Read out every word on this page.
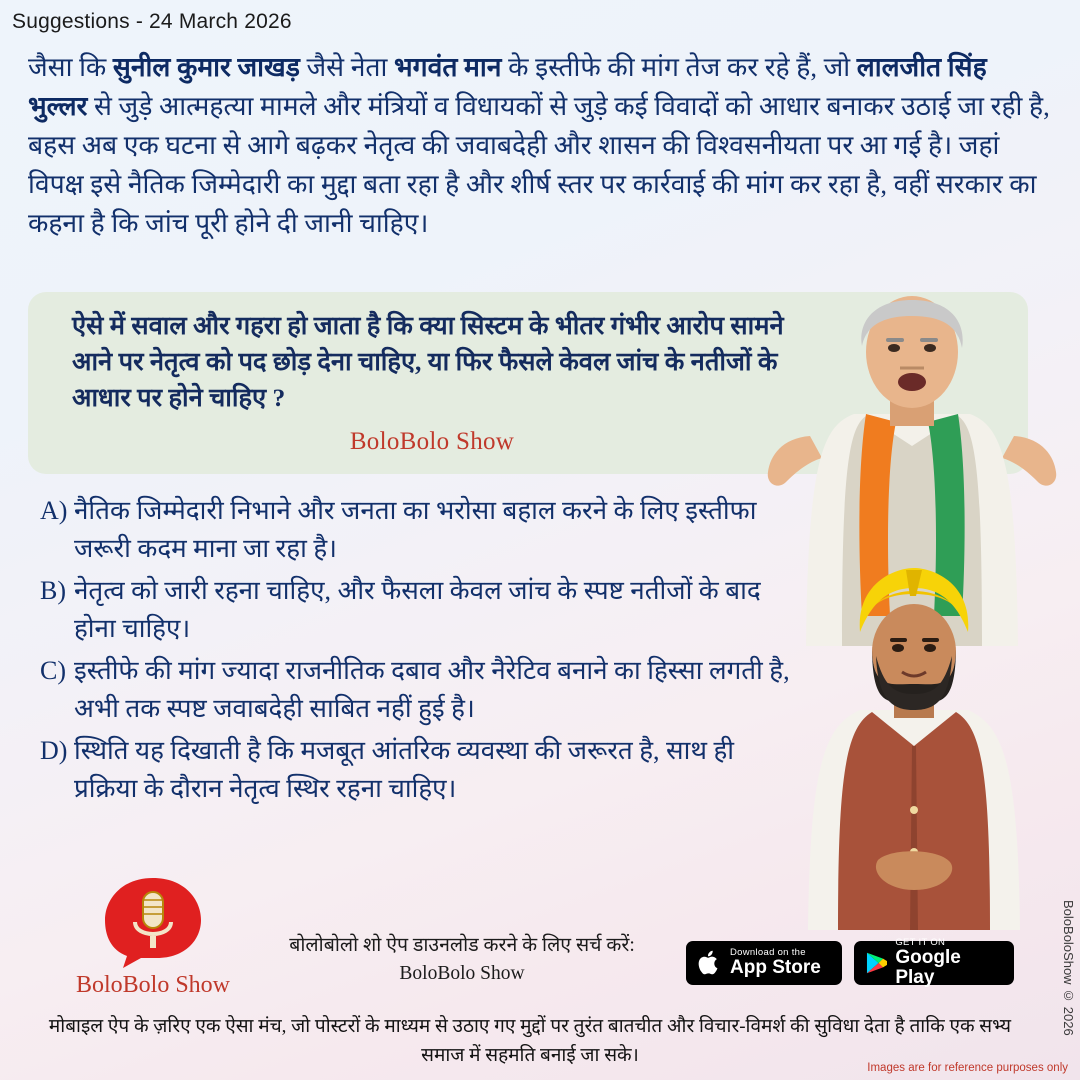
Suggestions - 24 March 2026
जैसा कि सुनील कुमार जाखड़ जैसे नेता भगवंत मान के इस्तीफे की मांग तेज कर रहे हैं, जो लालजीत सिंह भुल्लर से जुड़े आत्महत्या मामले और मंत्रियों व विधायकों से जुड़े कई विवादों को आधार बनाकर उठाई जा रही है, बहस अब एक घटना से आगे बढ़कर नेतृत्व की जवाबदेही और शासन की विश्वसनीयता पर आ गई है। जहां विपक्ष इसे नैतिक जिम्मेदारी का मुद्दा बता रहा है और शीर्ष स्तर पर कार्रवाई की मांग कर रहा है, वहीं सरकार का कहना है कि जांच पूरी होने दी जानी चाहिए।
ऐसे में सवाल और गहरा हो जाता है कि क्या सिस्टम के भीतर गंभीर आरोप सामने आने पर नेतृत्व को पद छोड़ देना चाहिए, या फिर फैसले केवल जांच के नतीजों के आधार पर होने चाहिए ?
BoloBolo Show
A) नैतिक जिम्मेदारी निभाने और जनता का भरोसा बहाल करने के लिए इस्तीफा जरूरी कदम माना जा रहा है।
B) नेतृत्व को जारी रहना चाहिए, और फैसला केवल जांच के स्पष्ट नतीजों के बाद होना चाहिए।
C) इस्तीफे की मांग ज्यादा राजनीतिक दबाव और नैरेटिव बनाने का हिस्सा लगती है, अभी तक स्पष्ट जवाबदेही साबित नहीं हुई है।
D) स्थिति यह दिखाती है कि मजबूत आंतरिक व्यवस्था की जरूरत है, साथ ही प्रक्रिया के दौरान नेतृत्व स्थिर रहना चाहिए।
BoloBolo Show
बोलोबोलो शो ऐप डाउनलोड करने के लिए सर्च करें:
BoloBolo Show
Download on the
App Store
GET IT ON
Google Play
मोबाइल ऐप के ज़रिए एक ऐसा मंच, जो पोस्टरों के माध्यम से उठाए गए मुद्दों पर तुरंत बातचीत और विचार-विमर्श की सुविधा देता है ताकि एक सभ्य समाज में सहमति बनाई जा सके।
BoloBoloShow © 2026
Images are for reference purposes only
